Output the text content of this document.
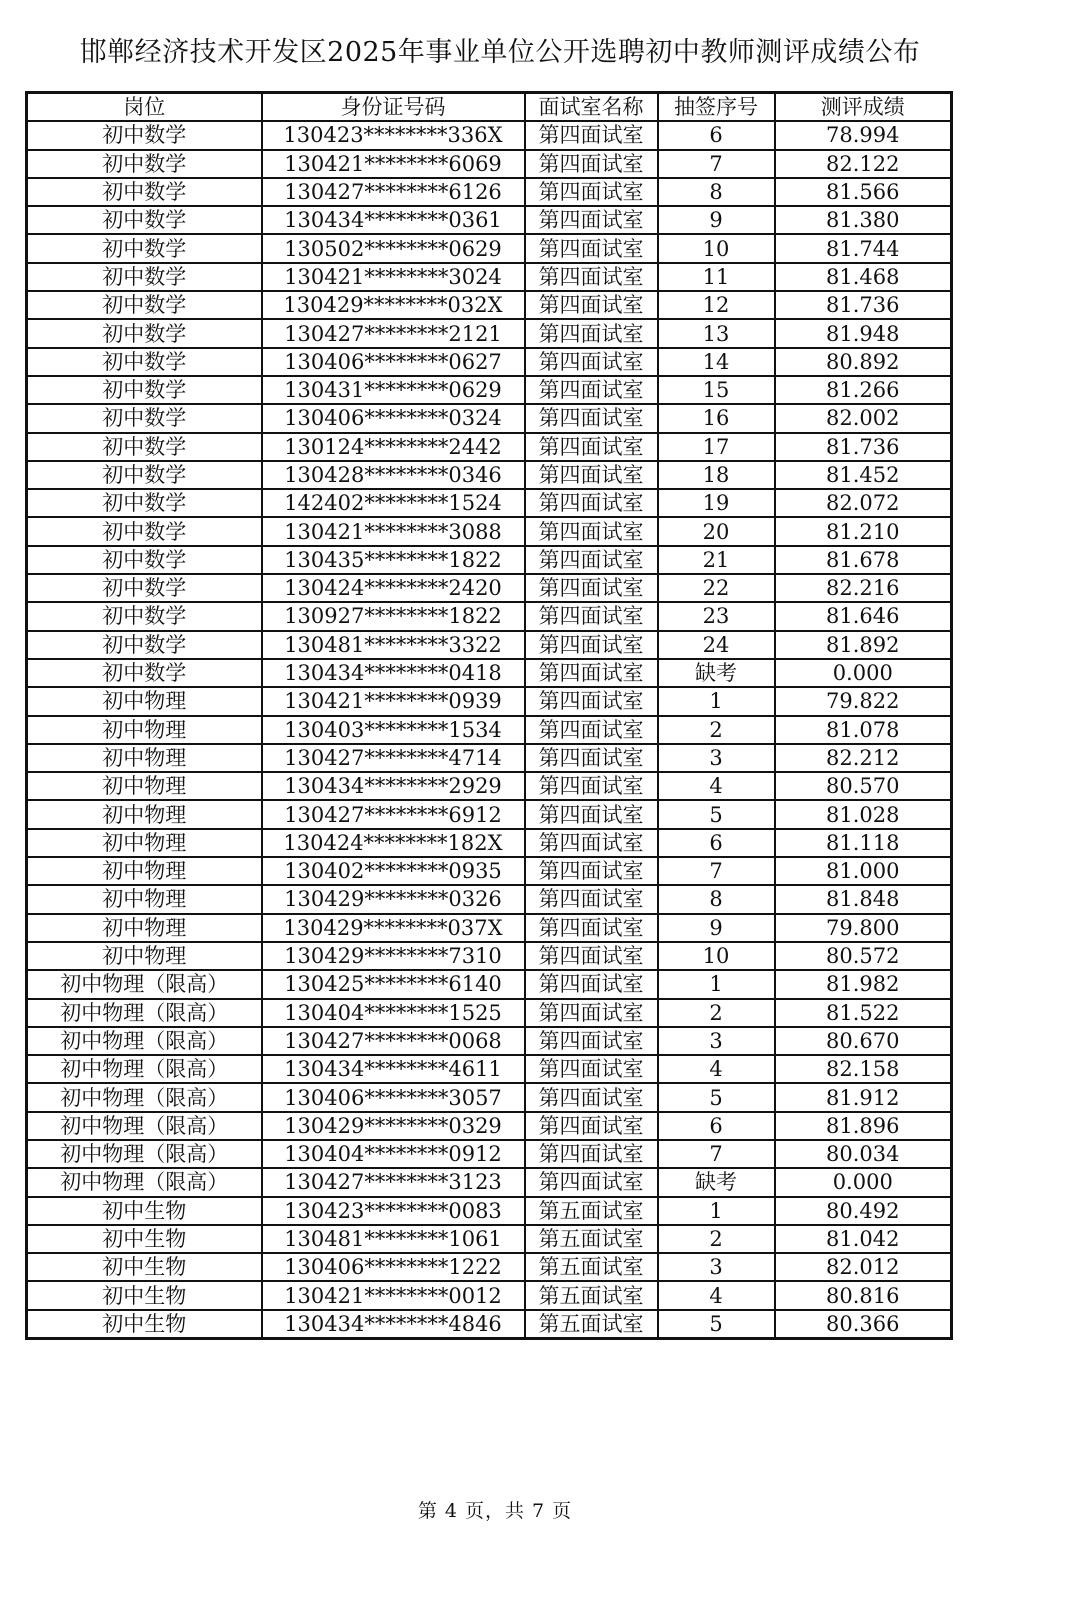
邯郸经济技术开发区2025年事业单位公开选聘初中教师测评成绩公布
岗位	身份证号码	面试室名称	抽签序号	测评成绩
初中数学	130423********336X	第四面试室	6	78.994
初中数学	130421********6069	第四面试室	7	82.122
初中数学	130427********6126	第四面试室	8	81.566
初中数学	130434********0361	第四面试室	9	81.380
初中数学	130502********0629	第四面试室	10	81.744
初中数学	130421********3024	第四面试室	11	81.468
初中数学	130429********032X	第四面试室	12	81.736
初中数学	130427********2121	第四面试室	13	81.948
初中数学	130406********0627	第四面试室	14	80.892
初中数学	130431********0629	第四面试室	15	81.266
初中数学	130406********0324	第四面试室	16	82.002
初中数学	130124********2442	第四面试室	17	81.736
初中数学	130428********0346	第四面试室	18	81.452
初中数学	142402********1524	第四面试室	19	82.072
初中数学	130421********3088	第四面试室	20	81.210
初中数学	130435********1822	第四面试室	21	81.678
初中数学	130424********2420	第四面试室	22	82.216
初中数学	130927********1822	第四面试室	23	81.646
初中数学	130481********3322	第四面试室	24	81.892
初中数学	130434********0418	第四面试室	缺考	0.000
初中物理	130421********0939	第四面试室	1	79.822
初中物理	130403********1534	第四面试室	2	81.078
初中物理	130427********4714	第四面试室	3	82.212
初中物理	130434********2929	第四面试室	4	80.570
初中物理	130427********6912	第四面试室	5	81.028
初中物理	130424********182X	第四面试室	6	81.118
初中物理	130402********0935	第四面试室	7	81.000
初中物理	130429********0326	第四面试室	8	81.848
初中物理	130429********037X	第四面试室	9	79.800
初中物理	130429********7310	第四面试室	10	80.572
初中物理（限高）	130425********6140	第四面试室	1	81.982
初中物理（限高）	130404********1525	第四面试室	2	81.522
初中物理（限高）	130427********0068	第四面试室	3	80.670
初中物理（限高）	130434********4611	第四面试室	4	82.158
初中物理（限高）	130406********3057	第四面试室	5	81.912
初中物理（限高）	130429********0329	第四面试室	6	81.896
初中物理（限高）	130404********0912	第四面试室	7	80.034
初中物理（限高）	130427********3123	第四面试室	缺考	0.000
初中生物	130423********0083	第五面试室	1	80.492
初中生物	130481********1061	第五面试室	2	81.042
初中生物	130406********1222	第五面试室	3	82.012
初中生物	130421********0012	第五面试室	4	80.816
初中生物	130434********4846	第五面试室	5	80.366
第 4 页，共 7 页
